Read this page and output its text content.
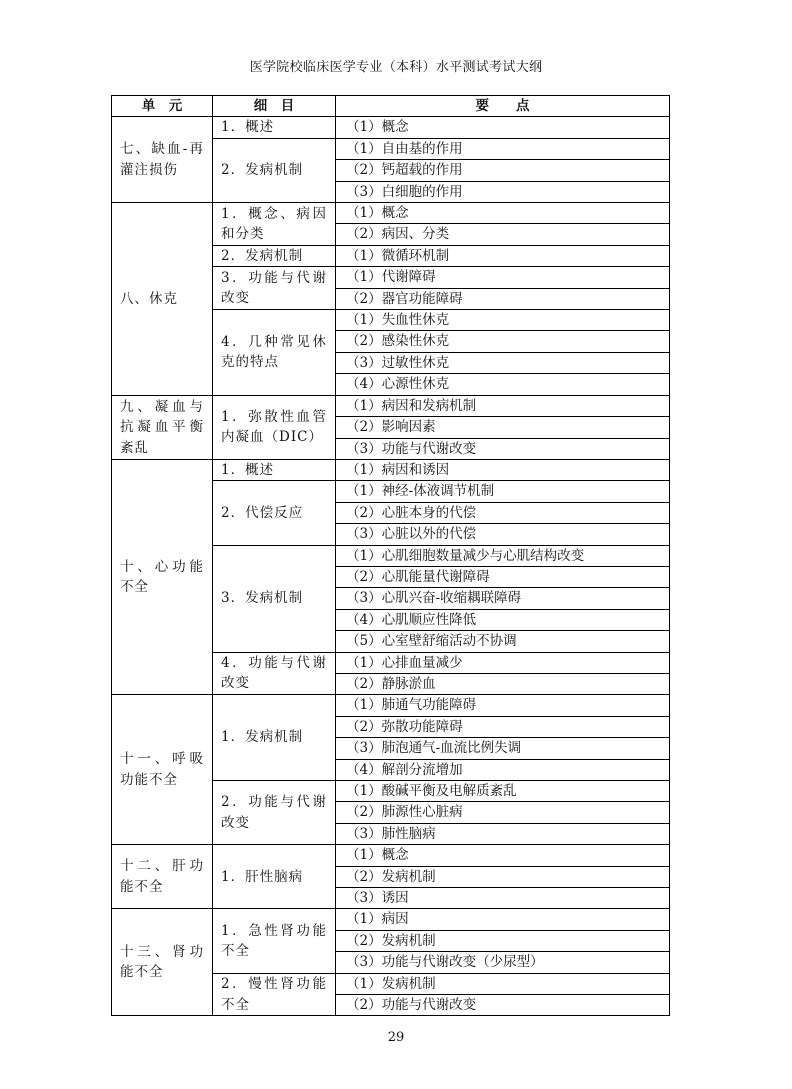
医学院校临床医学专业（本科）水平测试考试大纲
单　元	细　目	要　　点
七、缺血-再灌注损伤	1．概述	（1）概念
	2．发病机制	（1）自由基的作用
		（2）钙超载的作用
		（3）白细胞的作用
八、休克	1．概念、病因和分类	（1）概念
		（2）病因、分类
	2．发病机制	（1）微循环机制
	3．功能与代谢改变	（1）代谢障碍
		（2）器官功能障碍
	4．几种常见休克的特点	（1）失血性休克
		（2）感染性休克
		（3）过敏性休克
		（4）心源性休克
九、凝血与抗凝血平衡紊乱	1．弥散性血管内凝血（DIC）	（1）病因和发病机制
		（2）影响因素
		（3）功能与代谢改变
十、心功能不全	1．概述	（1）病因和诱因
	2．代偿反应	（1）神经-体液调节机制
		（2）心脏本身的代偿
		（3）心脏以外的代偿
	3．发病机制	（1）心肌细胞数量减少与心肌结构改变
		（2）心肌能量代谢障碍
		（3）心肌兴奋-收缩耦联障碍
		（4）心肌顺应性降低
		（5）心室壁舒缩活动不协调
	4．功能与代谢改变	（1）心排血量减少
		（2）静脉淤血
十一、呼吸功能不全	1．发病机制	（1）肺通气功能障碍
		（2）弥散功能障碍
		（3）肺泡通气-血流比例失调
		（4）解剖分流增加
	2．功能与代谢改变	（1）酸碱平衡及电解质紊乱
		（2）肺源性心脏病
		（3）肺性脑病
十二、肝功能不全	1．肝性脑病	（1）概念
		（2）发病机制
		（3）诱因
十三、肾功能不全	1．急性肾功能不全	（1）病因
		（2）发病机制
		（3）功能与代谢改变（少尿型）
	2．慢性肾功能不全	（1）发病机制
		（2）功能与代谢改变
29
